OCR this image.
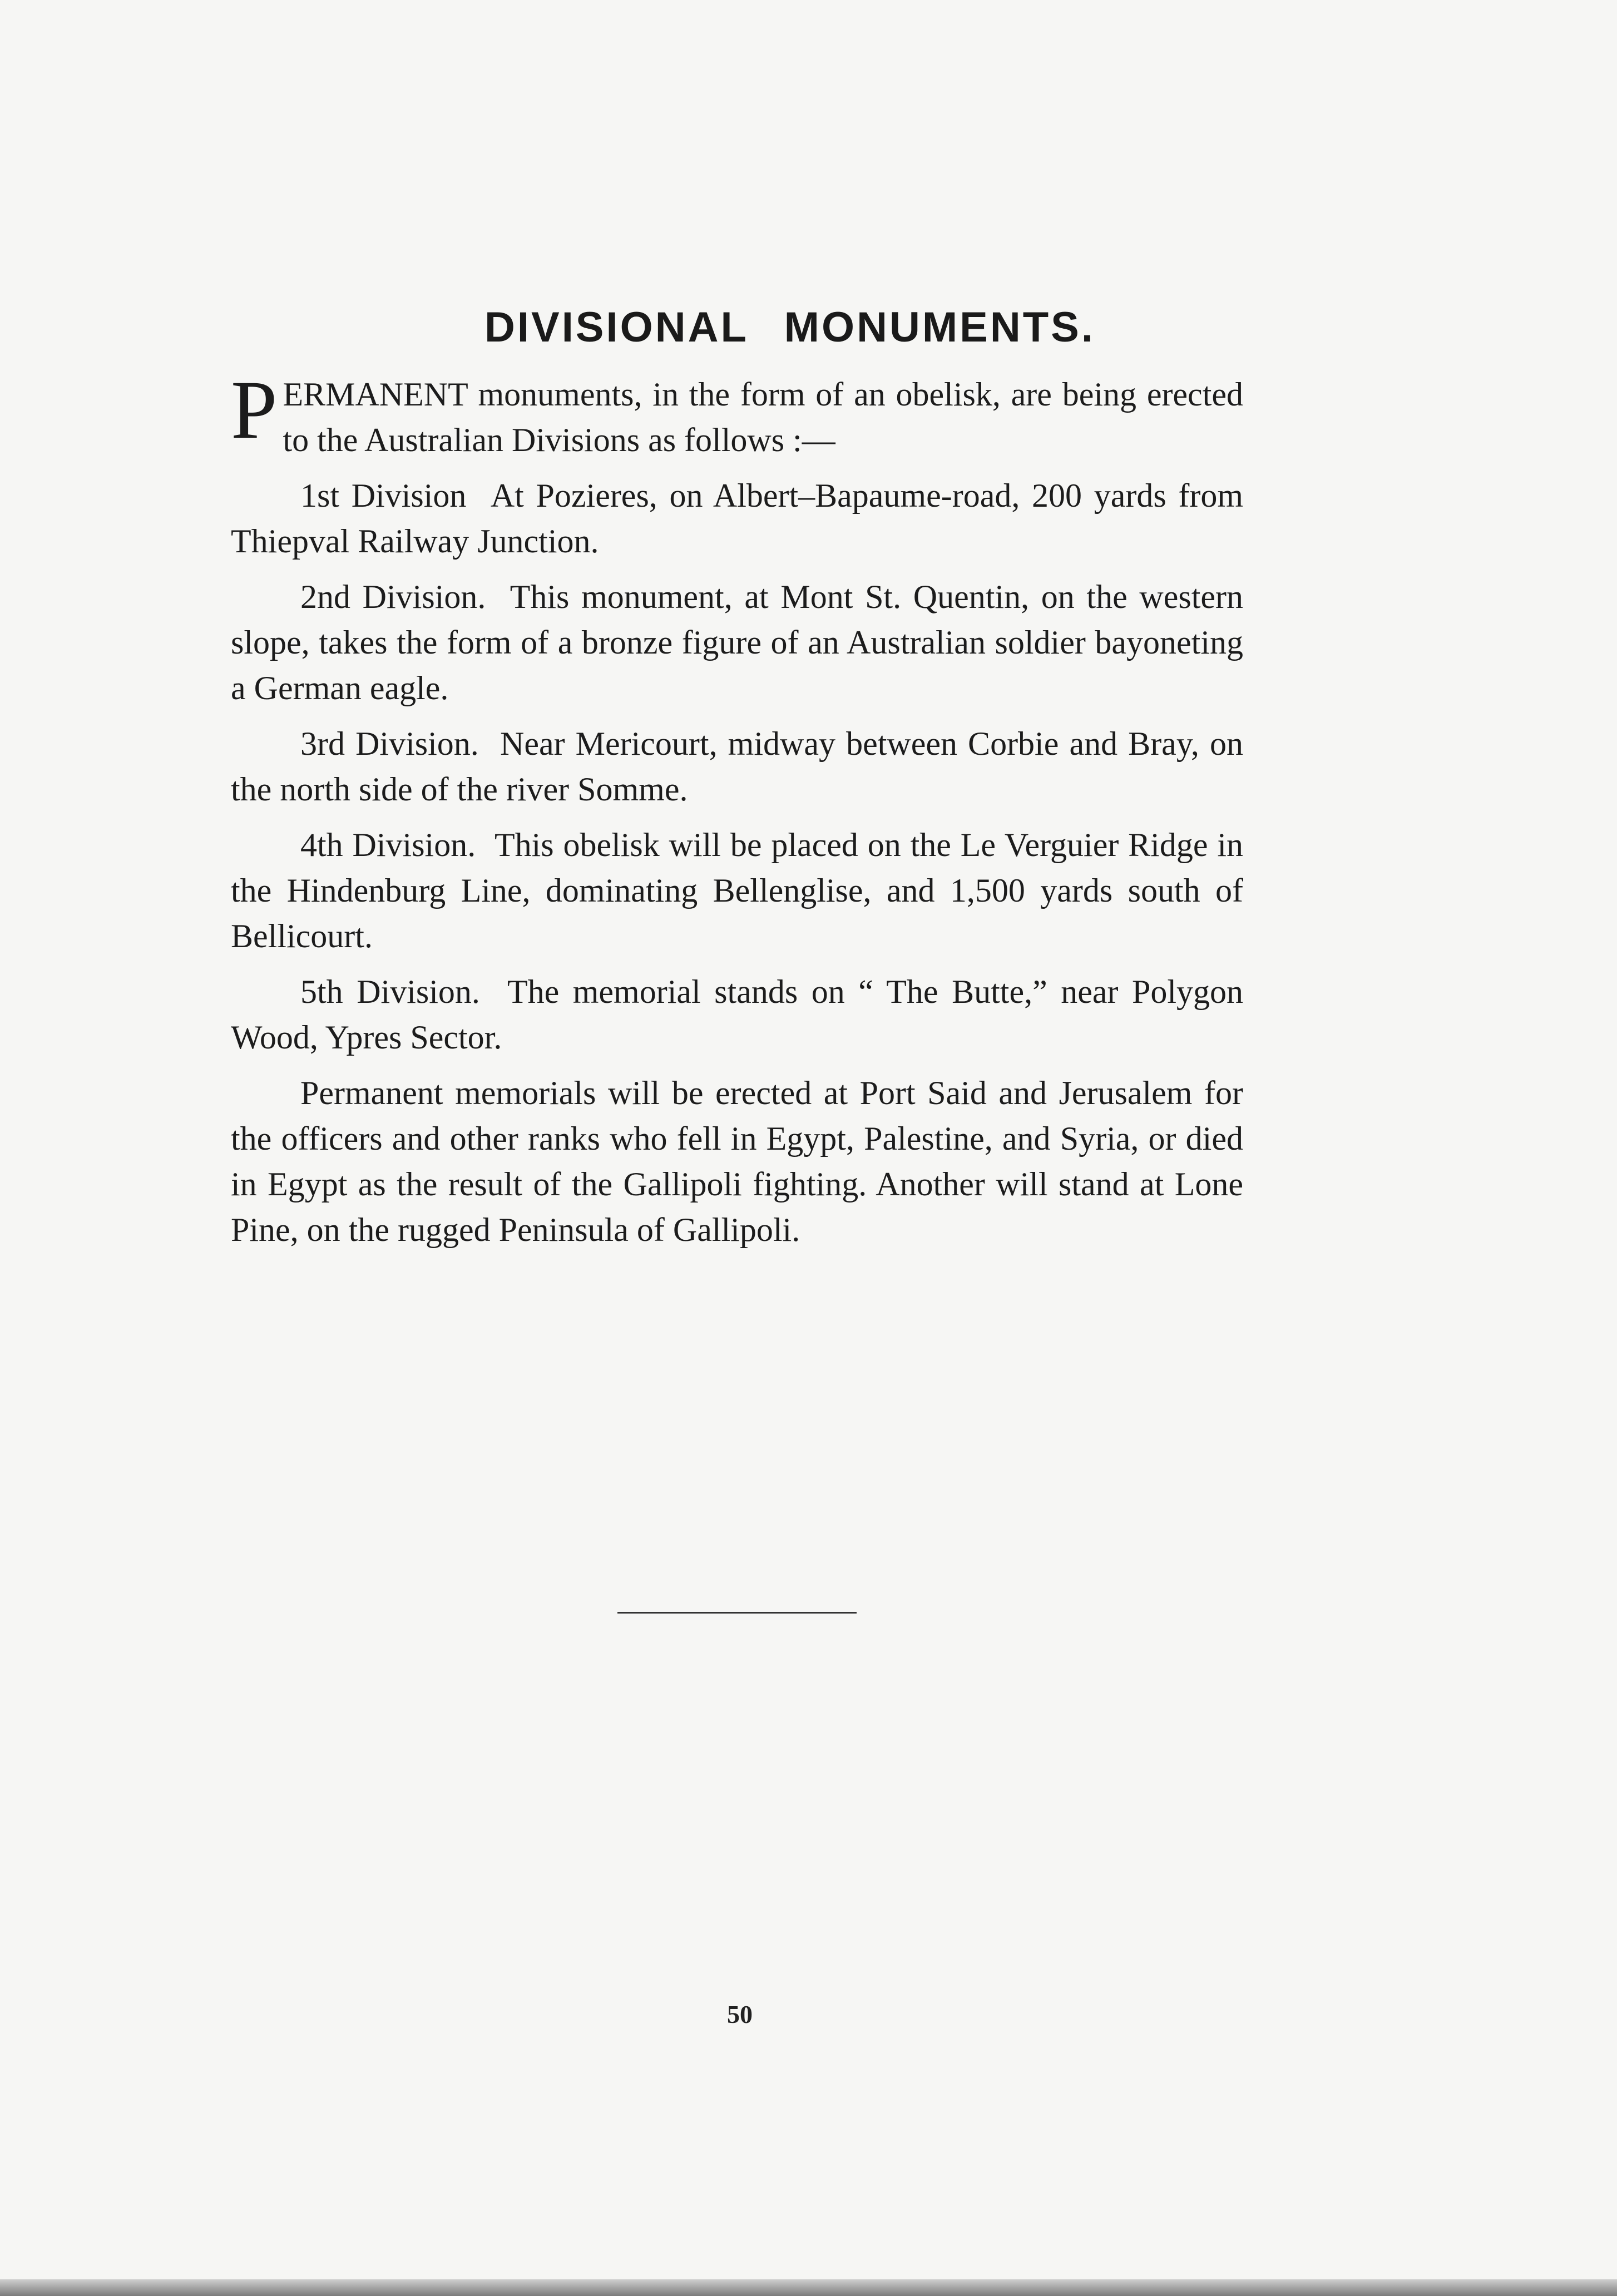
DIVISIONAL MONUMENTS.

PERMANENT monuments, in the form of an obelisk, are being erected to the Australian Divisions as follows :—

1st Division At Pozieres, on Albert–Bapaume-road, 200 yards from Thiepval Railway Junction.

2nd Division. This monument, at Mont St. Quentin, on the western slope, takes the form of a bronze figure of an Australian soldier bayoneting a German eagle.

3rd Division. Near Mericourt, midway between Corbie and Bray, on the north side of the river Somme.

4th Division. This obelisk will be placed on the Le Verguier Ridge in the Hindenburg Line, dominating Bellenglise, and 1,500 yards south of Bellicourt.

5th Division. The memorial stands on “ The Butte,” near Polygon Wood, Ypres Sector.

Permanent memorials will be erected at Port Said and Jerusalem for the officers and other ranks who fell in Egypt, Palestine, and Syria, or died in Egypt as the result of the Gallipoli fighting. Another will stand at Lone Pine, on the rugged Peninsula of Gallipoli.

50
